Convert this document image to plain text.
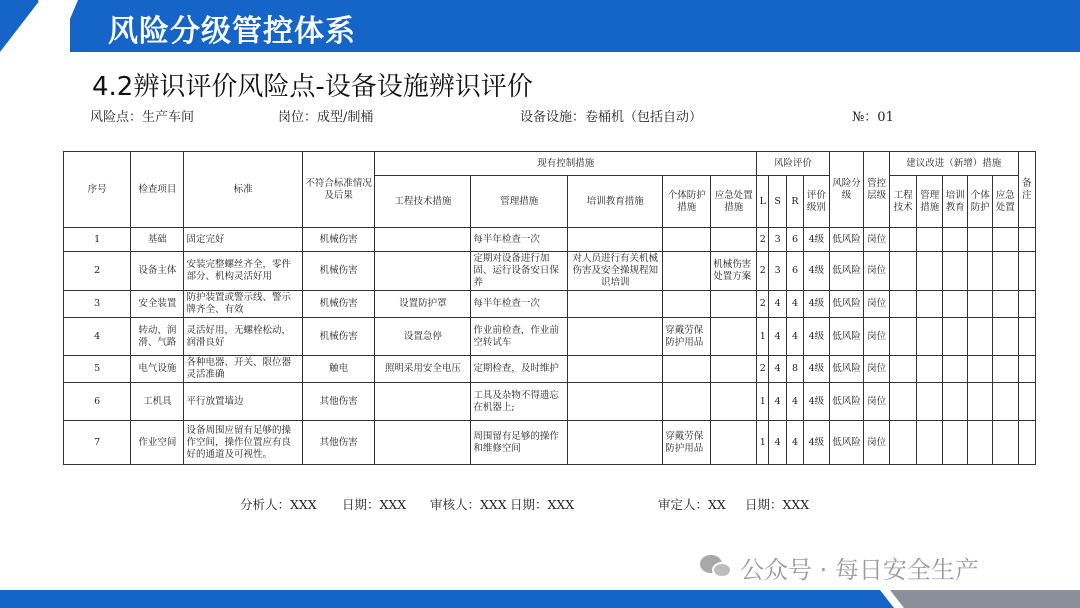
风险分级管控体系
4.2辨识评价风险点-设备设施辨识评价
风险点：生产车间	岗位：成型/制桶	设备设施：卷桶机（包括自动）	№：01
序号	检查项目	标准	不符合标准情况及后果	现有控制措施					风险评价				风险分级	管控层级	建议改进（新增）措施					备注
				工程技术措施	管理措施	培训教育措施	个体防护措施	应急处置措施	L	S	R	评价级别			工程技术	管理措施	培训教育	个体防护	应急处置	
1	基础	固定完好	机械伤害		每半年检查一次				2	3	6	4级	低风险	岗位						
2	设备主体	安装完整螺丝齐全，零件部分、机构灵活好用	机械伤害		定期对设备进行加固、运行设备安日保养	对人员进行有关机械伤害及安全操规程知识培训		机械伤害处置方案	2	3	6	4级	低风险	岗位						
3	安全装置	防护装置或警示线、警示牌齐全、有效	机械伤害	设置防护罩	每半年检查一次				2	4	4	4级	低风险	岗位						
4	转动、润滑、气路	灵活好用，无螺栓松动，润滑良好	机械伤害	设置急停	作业前检查，作业前空转试车		穿戴劳保防护用品		1	4	4	4级	低风险	岗位						
5	电气设施	各种电器、开关、限位器灵活准确	触电	照明采用安全电压	定期检查，及时维护				2	4	8	4级	低风险	岗位						
6	工机具	平行放置墙边	其他伤害		工具及杂物不得遗忘在机器上;				1	4	4	4级	低风险	岗位						
7	作业空间	设备周围应留有足够的操作空间，操作位置应有良好的通道及可视性。	其他伤害		周围留有足够的操作和维修空间		穿戴劳保防护用品		1	4	4	4级	低风险	岗位						
分析人：XXX 日期：XXX 审核人：XXX 日期：XXX	审定人：XX 日期：XXX
公众号 · 每日安全生产
